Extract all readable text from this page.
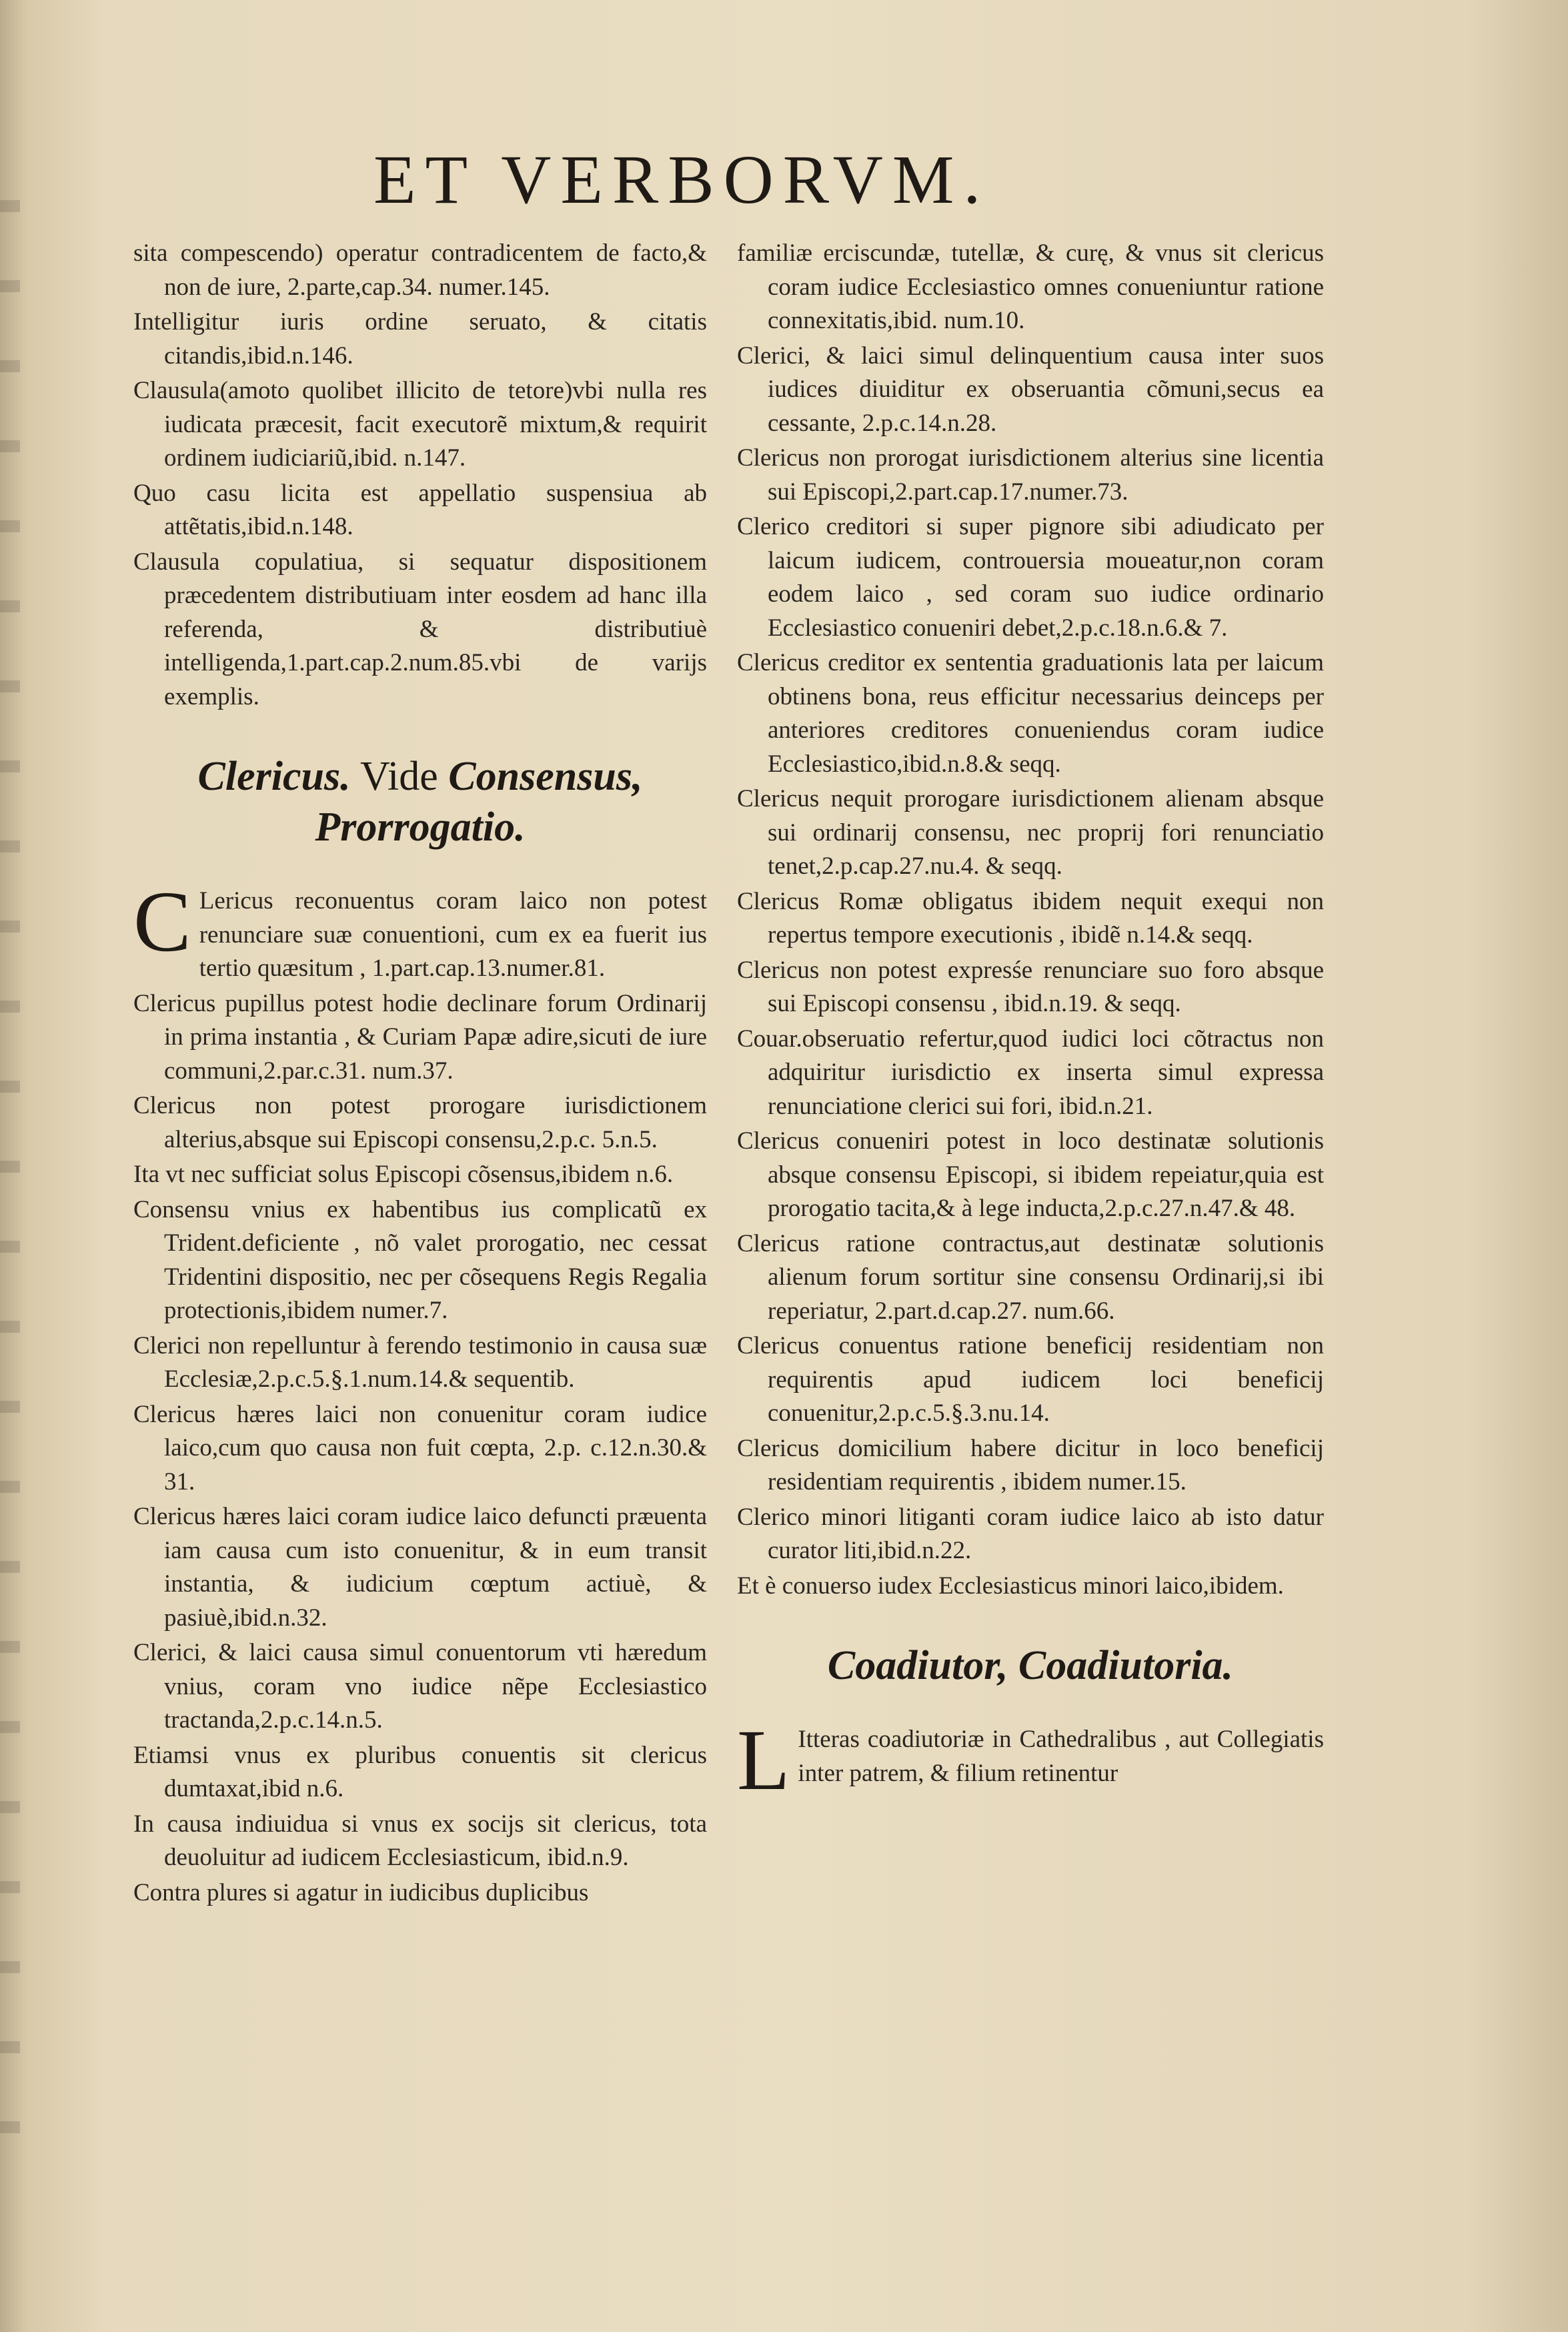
ET VERBORVM.
sita compescendo) operatur contradicentem de facto,& non de iure, 2.parte,cap.34. numer.145.
Intelligitur iuris ordine seruato, & citatis citandis,ibid.n.146.
Clausula(amoto quolibet illicito de tetore)vbi nulla res iudicata præcesit, facit executorẽ mixtum,& requirit ordinem iudiciariũ,ibid. n.147.
Quo casu licita est appellatio suspensiua ab attẽtatis,ibid.n.148.
Clausula copulatiua, si sequatur dispositionem præcedentem distributiuam inter eosdem ad hanc illa referenda, & distributiuè intelligenda,1.part.cap.2.num.85.vbi de varijs exemplis.
Clericus. Vide Consensus, Prorrogatio.
C Lericus reconuentus coram laico non potest renunciare suæ conuentioni, cum ex ea fuerit ius tertio quæsitum , 1.part.cap.13.numer.81.
Clericus pupillus potest hodie declinare forum Ordinarij in prima instantia , & Curiam Papæ adire,sicuti de iure communi,2.par.c.31. num.37.
Clericus non potest prorogare iurisdictionem alterius,absque sui Episcopi consensu,2.p.c. 5.n.5.
Ita vt nec sufficiat solus Episcopi cõsensus,ibidem n.6.
Consensu vnius ex habentibus ius complicatũ ex Trident.deficiente , nõ valet prorogatio, nec cessat Tridentini dispositio, nec per cõsequens Regis Regalia protectionis,ibidem numer.7.
Clerici non repelluntur à ferendo testimonio in causa suæ Ecclesiæ,2.p.c.5.§.1.num.14.& sequentib.
Clericus hæres laici non conuenitur coram iudice laico,cum quo causa non fuit cœpta, 2.p. c.12.n.30.& 31.
Clericus hæres laici coram iudice laico defuncti præuenta iam causa cum isto conuenitur, & in eum transit instantia, & iudicium cœptum actiuè, & pasiuè,ibid.n.32.
Clerici, & laici causa simul conuentorum vti hæredum vnius, coram vno iudice nẽpe Ecclesiastico tractanda,2.p.c.14.n.5.
Etiamsi vnus ex pluribus conuentis sit clericus dumtaxat,ibid n.6.
In causa indiuidua si vnus ex socijs sit clericus, tota deuoluitur ad iudicem Ecclesiasticum, ibid.n.9.
Contra plures si agatur in iudicibus duplicibus
familiæ erciscundæ, tutellæ, & curę, & vnus sit clericus coram iudice Ecclesiastico omnes conueniuntur ratione connexitatis,ibid. num.10.
Clerici, & laici simul delinquentium causa inter suos iudices diuiditur ex obseruantia cõmuni,secus ea cessante, 2.p.c.14.n.28.
Clericus non prorogat iurisdictionem alterius sine licentia sui Episcopi,2.part.cap.17.numer.73.
Clerico creditori si super pignore sibi adiudicato per laicum iudicem, controuersia moueatur,non coram eodem laico , sed coram suo iudice ordinario Ecclesiastico conueniri debet,2.p.c.18.n.6.& 7.
Clericus creditor ex sententia graduationis lata per laicum obtinens bona, reus efficitur necessarius deinceps per anteriores creditores conueniendus coram iudice Ecclesiastico,ibid.n.8.& seqq.
Clericus nequit prorogare iurisdictionem alienam absque sui ordinarij consensu, nec proprij fori renunciatio tenet,2.p.cap.27.nu.4. & seqq.
Clericus Romæ obligatus ibidem nequit exequi non repertus tempore executionis , ibidẽ n.14.& seqq.
Clericus non potest expresśe renunciare suo foro absque sui Episcopi consensu , ibid.n.19. & seqq.
Couar.obseruatio refertur,quod iudici loci cõtractus non adquiritur iurisdictio ex inserta simul expressa renunciatione clerici sui fori, ibid.n.21.
Clericus conueniri potest in loco destinatæ solutionis absque consensu Episcopi, si ibidem repeiatur,quia est prorogatio tacita,& à lege inducta,2.p.c.27.n.47.& 48.
Clericus ratione contractus,aut destinatæ solutionis alienum forum sortitur sine consensu Ordinarij,si ibi reperiatur, 2.part.d.cap.27. num.66.
Clericus conuentus ratione beneficij residentiam non requirentis apud iudicem loci beneficij conuenitur,2.p.c.5.§.3.nu.14.
Clericus domicilium habere dicitur in loco beneficij residentiam requirentis , ibidem numer.15.
Clerico minori litiganti coram iudice laico ab isto datur curator liti,ibid.n.22.
Et è conuerso iudex Ecclesiasticus minori laico,ibidem.
Coadiutor, Coadiutoria.
L Itteras coadiutoriæ in Cathedralibus , aut Collegiatis inter patrem, & filium retinentur
